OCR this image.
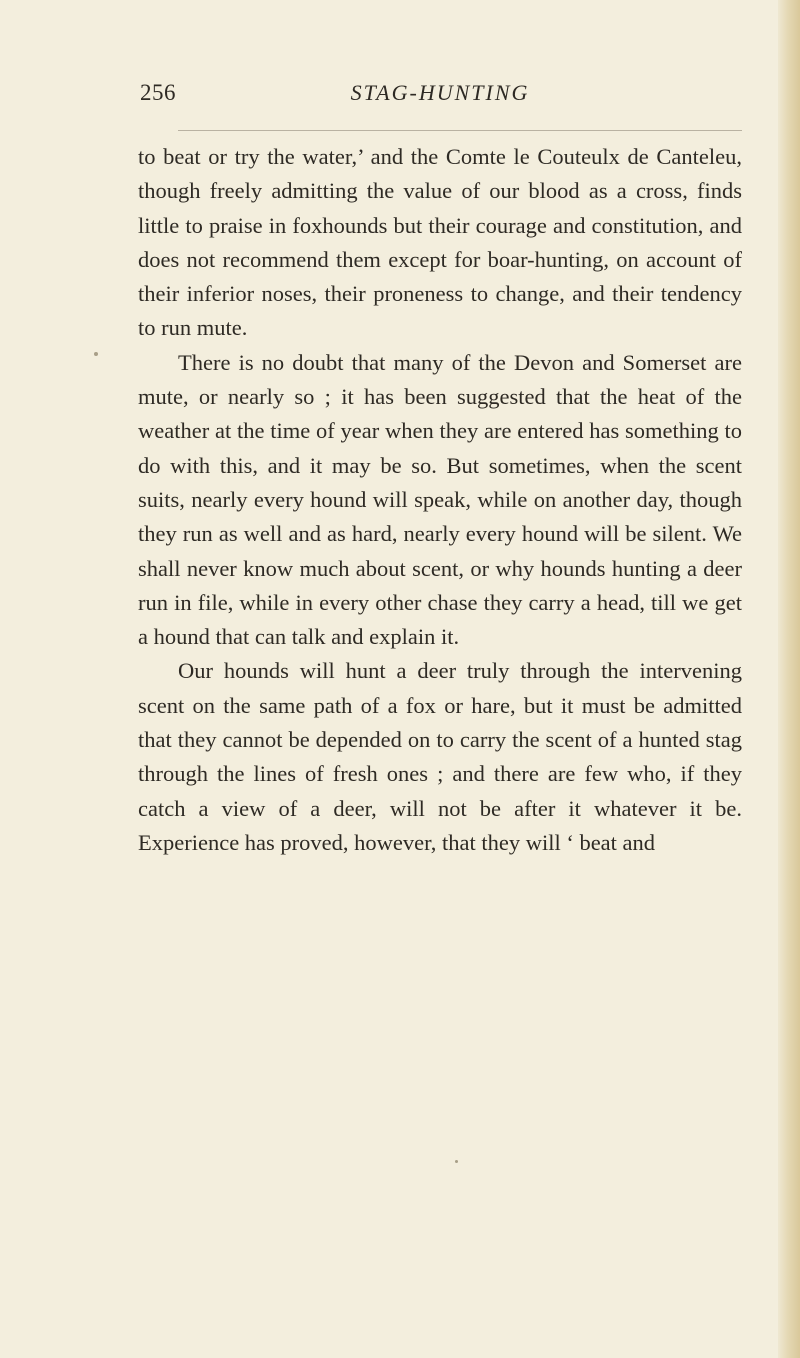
256	STAG-HUNTING

to beat or try the water,’ and the Comte le Couteulx de Canteleu, though freely admitting the value of our blood as a cross, finds little to praise in foxhounds but their courage and constitution, and does not recommend them except for boar-hunting, on account of their inferior noses, their proneness to change, and their tendency to run mute.

There is no doubt that many of the Devon and Somerset are mute, or nearly so ; it has been suggested that the heat of the weather at the time of year when they are entered has something to do with this, and it may be so. But sometimes, when the scent suits, nearly every hound will speak, while on another day, though they run as well and as hard, nearly every hound will be silent. We shall never know much about scent, or why hounds hunting a deer run in file, while in every other chase they carry a head, till we get a hound that can talk and explain it.

Our hounds will hunt a deer truly through the intervening scent on the same path of a fox or hare, but it must be admitted that they cannot be depended on to carry the scent of a hunted stag through the lines of fresh ones ; and there are few who, if they catch a view of a deer, will not be after it whatever it be. Experience has proved, however, that they will ‘ beat and
